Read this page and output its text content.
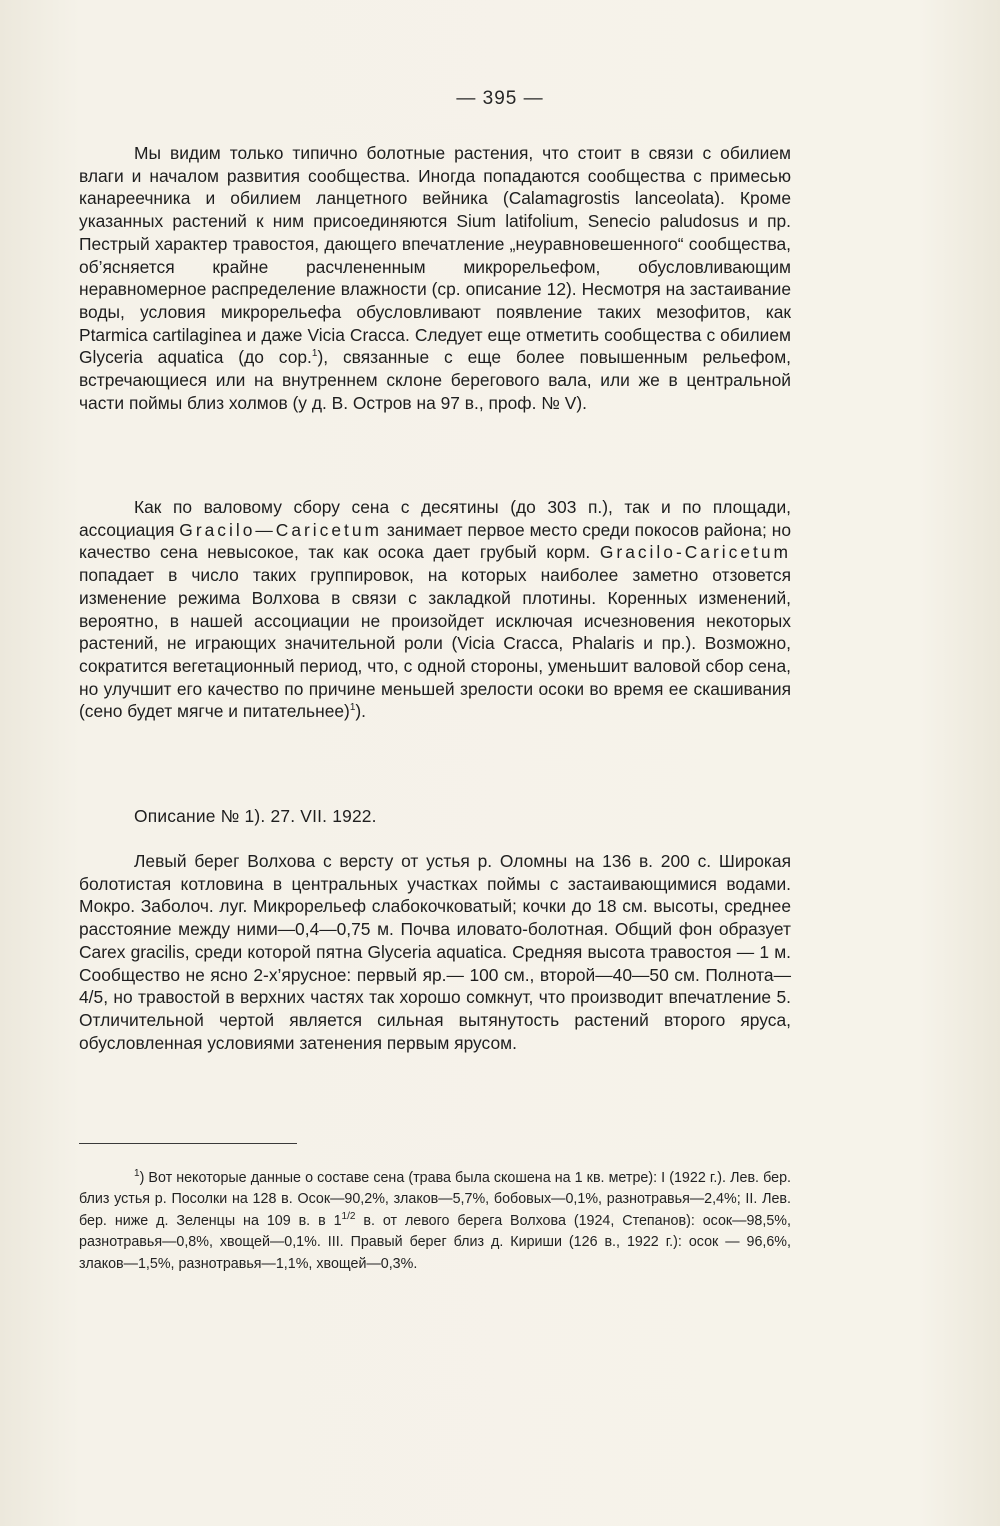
— 395 —

Мы видим только типично болотные растения, что стоит в связи с обилием влаги и началом развития сообщества. Иногда попадаются сообщества с примесью канареечника и обилием ланцетного вейника (Calamagrostis lanceolata). Кроме указанных растений к ним присоединяются Sium latifolium, Senecio paludosus и пр. Пестрый характер травостоя, дающего впечатление „неуравновешенного“ сообщества, об’ясняется крайне расчлененным микрорельефом, обусловливающим неравномерное распределение влажности (ср. описание 12). Несмотря на застаивание воды, условия микрорельефа обусловливают появление таких мезофитов, как Ptarmica cartilaginea и даже Vicia Cracca. Следует еще отметить сообщества с обилием Glyceria aquatica (до сор.$^1$), связанные с еще более повышенным рельефом, встречающиеся или на внутреннем склоне берегового вала, или же в центральной части поймы близ холмов (у д. В. Остров на 97 в., проф. № V).

Как по валовому сбору сена с десятины (до 303 п.), так и по площади, ассоциация Gracilo—Caricetum занимает первое место среди покосов района; но качество сена невысокое, так как осока дает грубый корм. Gracilo-Caricetum попадает в число таких группировок, на которых наиболее заметно отзовется изменение режима Волхова в связи с закладкой плотины. Коренных изменений, вероятно, в нашей ассоциации не произойдет исключая исчезновения некоторых растений, не играющих значительной роли (Vicia Cracca, Phalaris и пр.). Возможно, сократится вегетационный период, что, с одной стороны, уменьшит валовой сбор сена, но улучшит его качество по причине меньшей зрелости осоки во время ее скашивания (сено будет мягче и питательнее)$^1$).

Описание № 1). 27. VII. 1922.

Левый берег Волхова с версту от устья р. Оломны на 136 в. 200 с. Широкая болотистая котловина в центральных участках поймы с застаивающимися водами. Мокро. Заболоч. луг. Микрорельеф слабокочковатый; кочки до 18 см. высоты, среднее расстояние между ними—0,4—0,75 м. Почва иловато-болотная. Общий фон образует Carex gracilis, среди которой пятна Glyceria aquatica. Средняя высота травостоя — 1 м. Сообщество не ясно 2-х’ярусное: первый яр.— 100 см., второй—40—50 см. Полнота—4/5, но травостой в верхних частях так хорошо сомкнут, что производит впечатление 5. Отличительной чертой является сильная вытянутость растений второго яруса, обусловленная условиями затенения первым ярусом.

$^1$) Вот некоторые данные о составе сена (трава была скошена на 1 кв. метре): I (1922 г.). Лев. бер. близ устья р. Посолки на 128 в. Осок—90,2%, злаков—5,7%, бобовых—0,1%, разнотравья—2,4%; II. Лев. бер. ниже д. Зеленцы на 109 в. в $1^{1/2}$ в. от левого берега Волхова (1924, Степанов): осок—98,5%, разнотравья—0,8%, хвощей—0,1%. III. Правый берег близ д. Кириши (126 в., 1922 г.): осок — 96,6%, злаков—1,5%, разнотравья—1,1%, хвощей—0,3%.
